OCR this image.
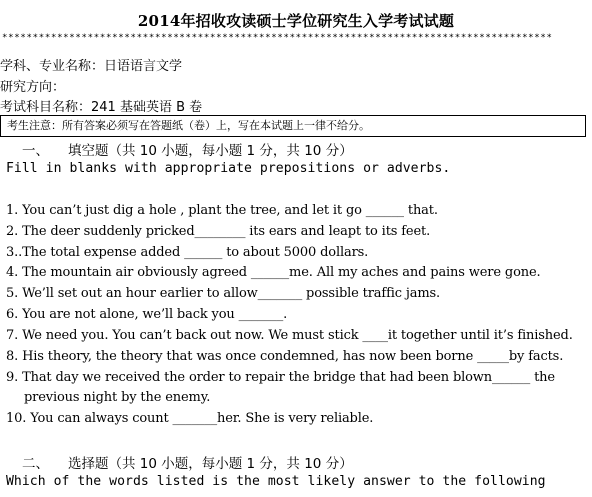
2014年招收攻读硕士学位研究生入学考试试题
******************************************************************************************
学科、专业名称：日语语言文学
研究方向：
考试科目名称：241 基础英语 B 卷
考生注意：所有答案必须写在答题纸（卷）上，写在本试题上一律不给分。
一、 填空题（共 10 小题，每小题 1 分，共 10 分）
Fill in blanks with appropriate prepositions or adverbs.
1. You can’t just dig a hole , plant the tree, and let it go ______ that.
2. The deer suddenly pricked________ its ears and leapt to its feet.
3..The total expense added ______ to about 5000 dollars.
4. The mountain air obviously agreed ______me. All my aches and pains were gone.
5. We’ll set out an hour earlier to allow_______ possible traffic jams.
6. You are not alone, we’ll back you _______.
7. We need you. You can’t back out now. We must stick ____it together until it’s finished.
8. His theory, the theory that was once condemned, has now been borne _____by facts.
9. That day we received the order to repair the bridge that had been blown______ the
previous night by the enemy.
10. You can always count _______her. She is very reliable.
二、 选择题（共 10 小题，每小题 1 分，共 10 分）
Which of the words listed is the most likely answer to the following
